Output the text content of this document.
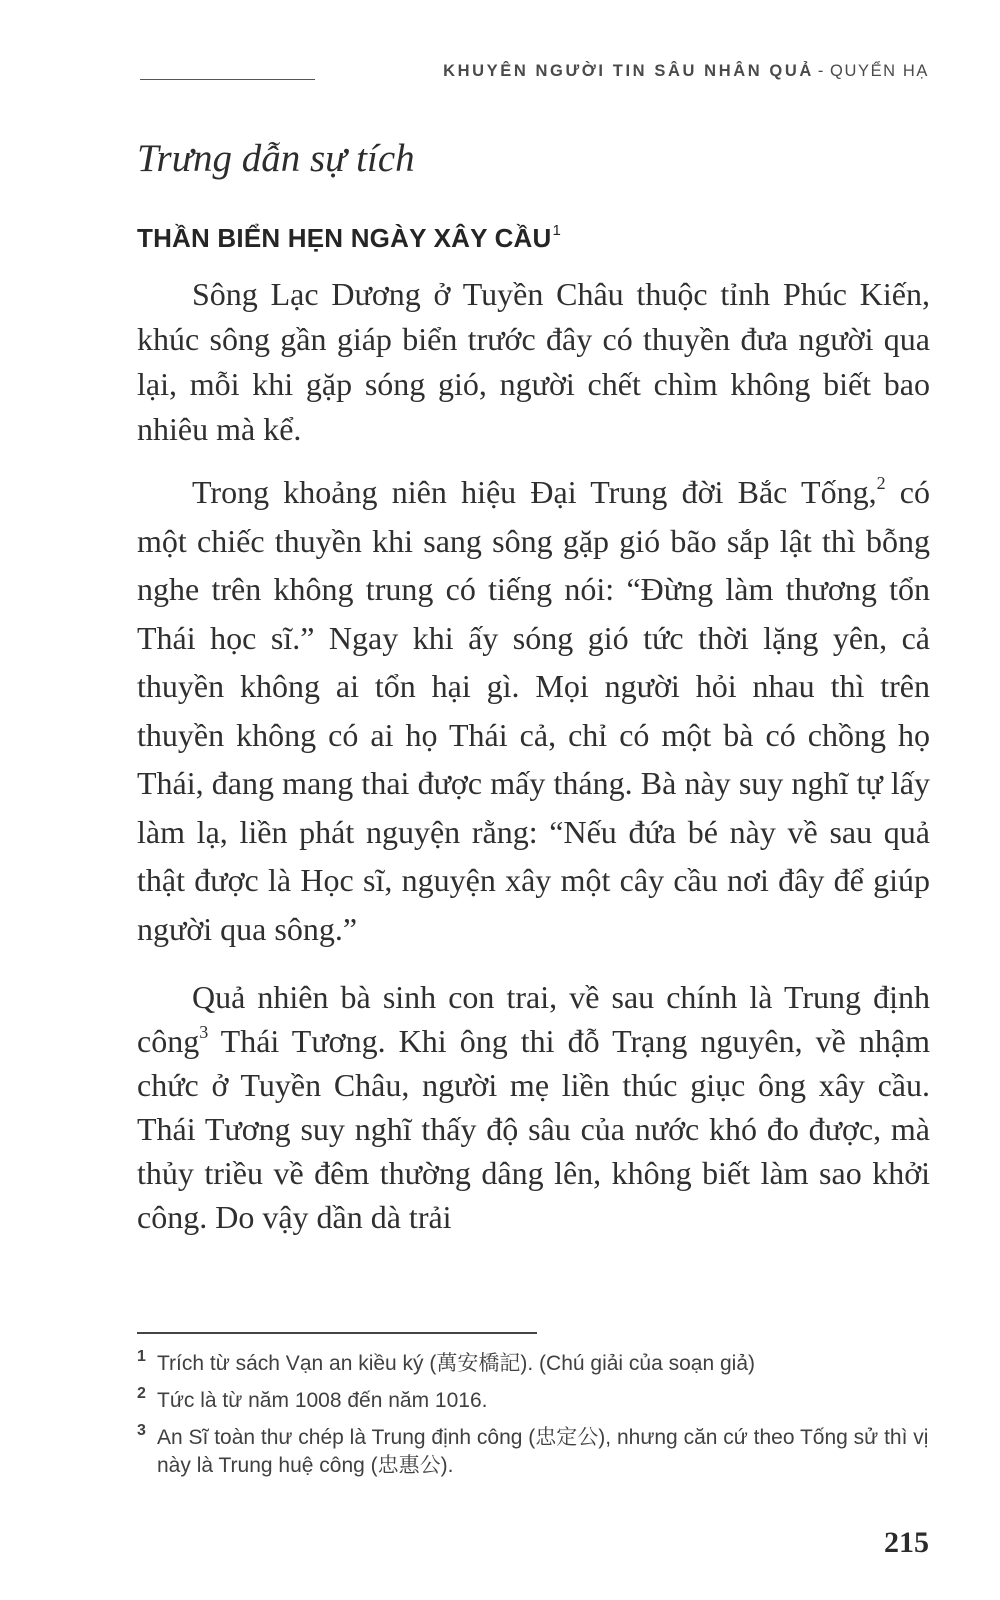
KHUYÊN NGƯỜI TIN SÂU NHÂN QUẢ - QUYỂN HẠ
Trưng dẫn sự tích
THẦN BIỂN HẸN NGÀY XÂY CẦU$^1$

Sông Lạc Dương ở Tuyền Châu thuộc tỉnh Phúc Kiến, khúc sông gần giáp biển trước đây có thuyền đưa người qua lại, mỗi khi gặp sóng gió, người chết chìm không biết bao nhiêu mà kể.

Trong khoảng niên hiệu Đại Trung đời Bắc Tống,$^2$ có một chiếc thuyền khi sang sông gặp gió bão sắp lật thì bỗng nghe trên không trung có tiếng nói: “Đừng làm thương tổn Thái học sĩ.” Ngay khi ấy sóng gió tức thời lặng yên, cả thuyền không ai tổn hại gì. Mọi người hỏi nhau thì trên thuyền không có ai họ Thái cả, chỉ có một bà có chồng họ Thái, đang mang thai được mấy tháng. Bà này suy nghĩ tự lấy làm lạ, liền phát nguyện rằng: “Nếu đứa bé này về sau quả thật được là Học sĩ, nguyện xây một cây cầu nơi đây để giúp người qua sông.”

Quả nhiên bà sinh con trai, về sau chính là Trung định công$^3$ Thái Tương. Khi ông thi đỗ Trạng nguyên, về nhậm chức ở Tuyền Châu, người mẹ liền thúc giục ông xây cầu. Thái Tương suy nghĩ thấy độ sâu của nước khó đo được, mà thủy triều về đêm thường dâng lên, không biết làm sao khởi công. Do vậy dần dà trải

1 Trích từ sách Vạn an kiều ký (萬安橋記). (Chú giải của soạn giả)
2 Tức là từ năm 1008 đến năm 1016.
3 An Sĩ toàn thư chép là Trung định công (忠定公), nhưng căn cứ theo Tống sử thì vị này là Trung huệ công (忠惠公).
215
